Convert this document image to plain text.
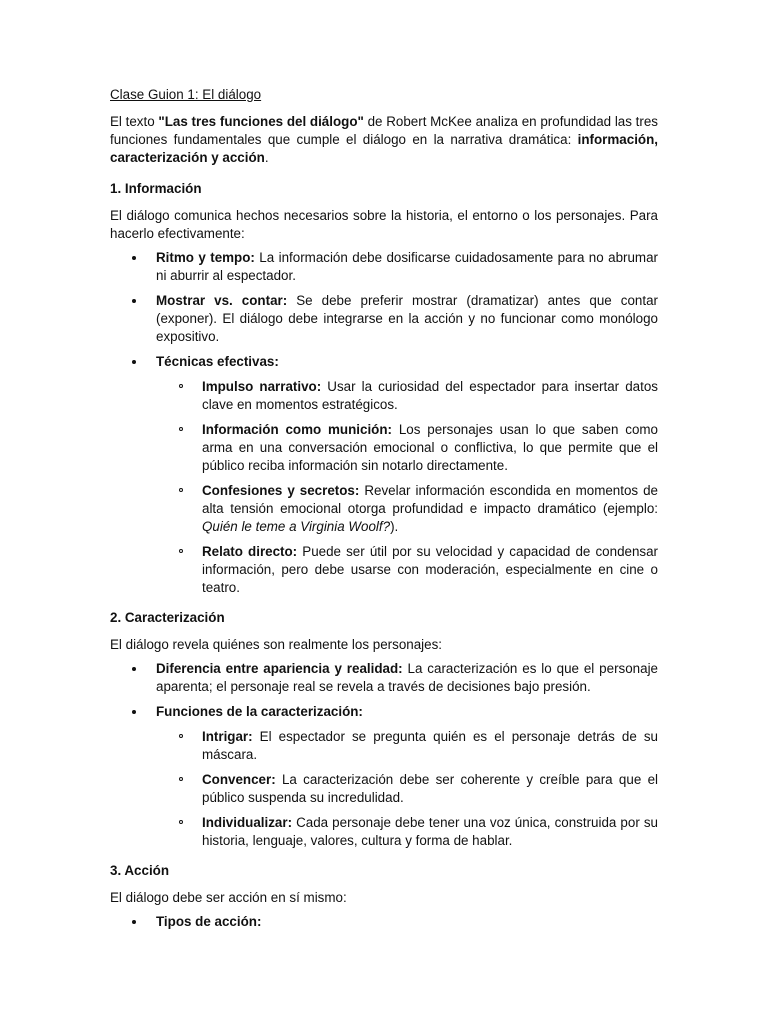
Clase Guion 1: El diálogo

El texto "Las tres funciones del diálogo" de Robert McKee analiza en profundidad las tres funciones fundamentales que cumple el diálogo en la narrativa dramática: información, caracterización y acción.

1. Información

El diálogo comunica hechos necesarios sobre la historia, el entorno o los personajes. Para hacerlo efectivamente:

Ritmo y tempo: La información debe dosificarse cuidadosamente para no abrumar ni aburrir al espectador.
Mostrar vs. contar: Se debe preferir mostrar (dramatizar) antes que contar (exponer). El diálogo debe integrarse en la acción y no funcionar como monólogo expositivo.
Técnicas efectivas:
Impulso narrativo: Usar la curiosidad del espectador para insertar datos clave en momentos estratégicos.
Información como munición: Los personajes usan lo que saben como arma en una conversación emocional o conflictiva, lo que permite que el público reciba información sin notarlo directamente.
Confesiones y secretos: Revelar información escondida en momentos de alta tensión emocional otorga profundidad e impacto dramático (ejemplo: Quién le teme a Virginia Woolf?).
Relato directo: Puede ser útil por su velocidad y capacidad de condensar información, pero debe usarse con moderación, especialmente en cine o teatro.
2. Caracterización

El diálogo revela quiénes son realmente los personajes:

Diferencia entre apariencia y realidad: La caracterización es lo que el personaje aparenta; el personaje real se revela a través de decisiones bajo presión.
Funciones de la caracterización:
Intrigar: El espectador se pregunta quién es el personaje detrás de su máscara.
Convencer: La caracterización debe ser coherente y creíble para que el público suspenda su incredulidad.
Individualizar: Cada personaje debe tener una voz única, construida por su historia, lenguaje, valores, cultura y forma de hablar.
3. Acción

El diálogo debe ser acción en sí mismo:

Tipos de acción:
